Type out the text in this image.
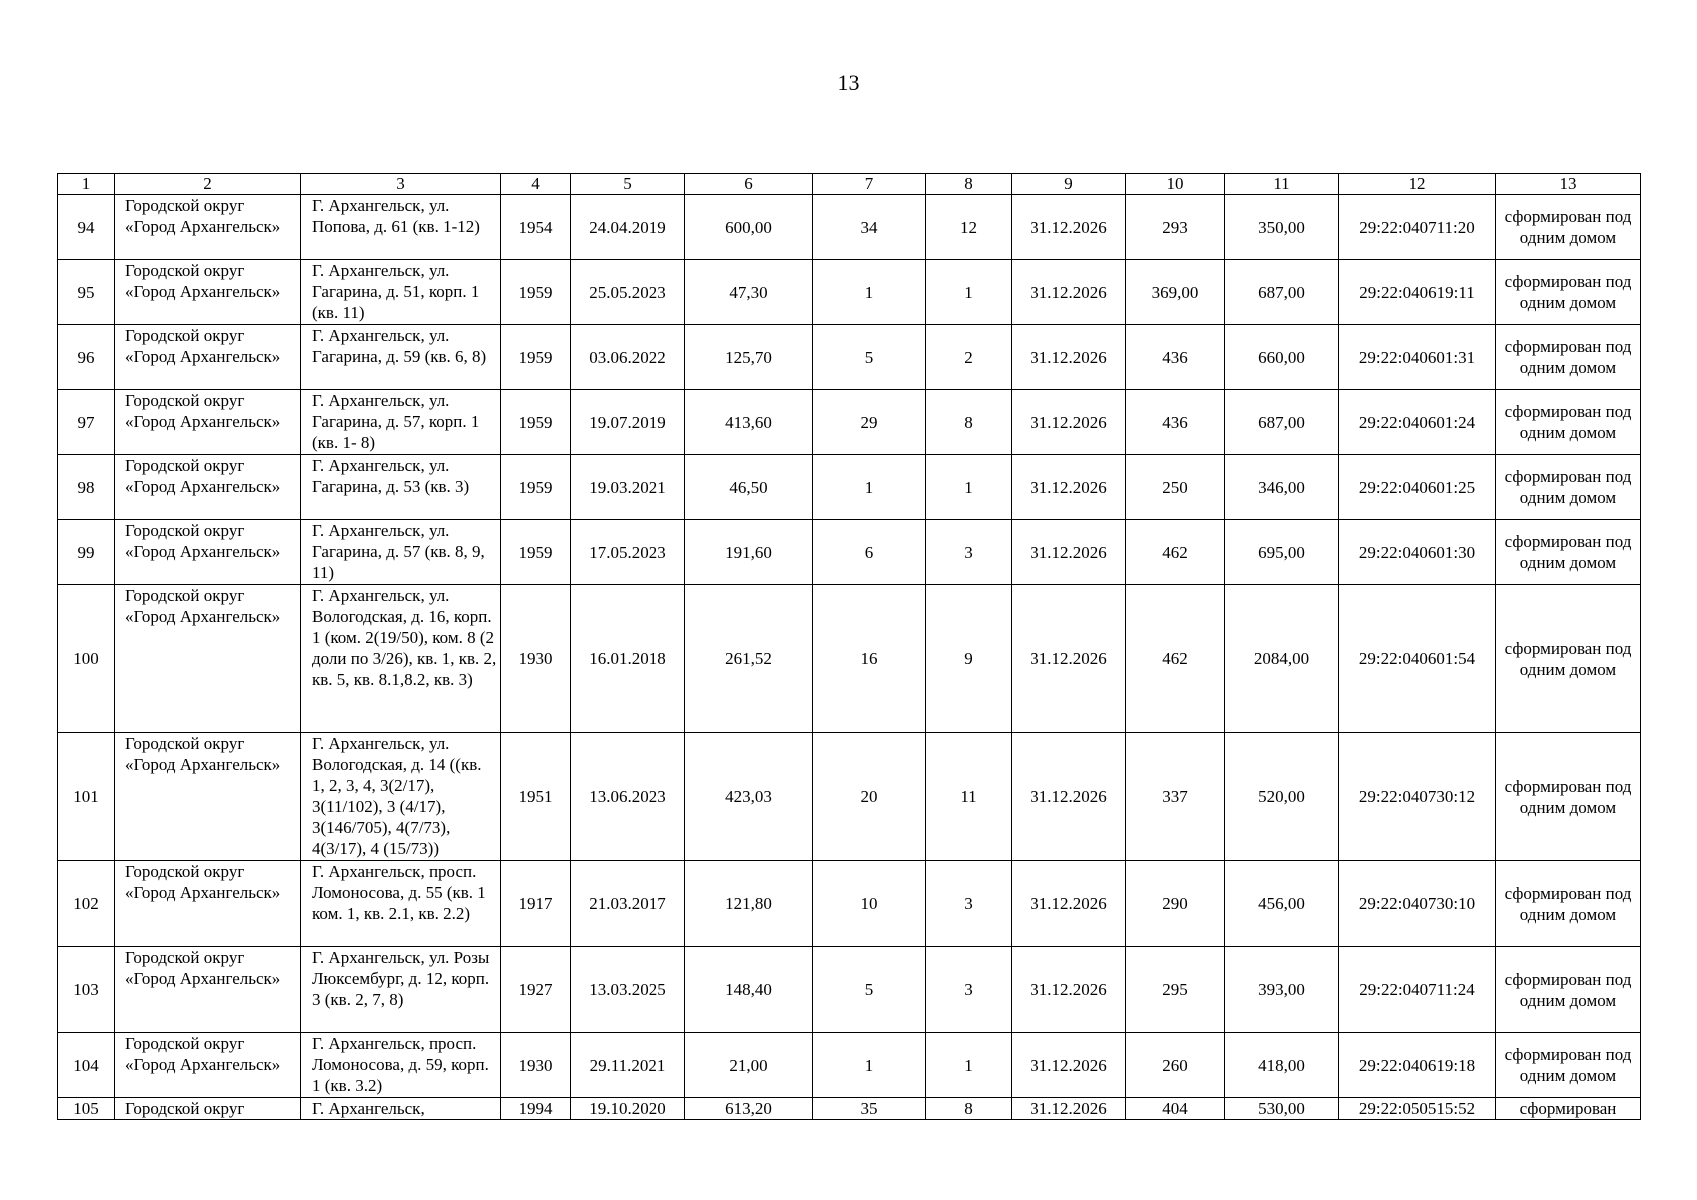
13
1	2	3	4	5	6	7	8	9	10	11	12	13
94	Городской округ «Город Архангельск»	Г. Архангельск, ул. Попова, д. 61 (кв. 1-12)	1954	24.04.2019	600,00	34	12	31.12.2026	293	350,00	29:22:040711:20	сформирован под одним домом
95	Городской округ «Город Архангельск»	Г. Архангельск, ул. Гагарина, д. 51, корп. 1 (кв. 11)	1959	25.05.2023	47,30	1	1	31.12.2026	369,00	687,00	29:22:040619:11	сформирован под одним домом
96	Городской округ «Город Архангельск»	Г. Архангельск, ул. Гагарина, д. 59 (кв. 6, 8)	1959	03.06.2022	125,70	5	2	31.12.2026	436	660,00	29:22:040601:31	сформирован под одним домом
97	Городской округ «Город Архангельск»	Г. Архангельск, ул. Гагарина, д. 57, корп. 1 (кв. 1- 8)	1959	19.07.2019	413,60	29	8	31.12.2026	436	687,00	29:22:040601:24	сформирован под одним домом
98	Городской округ «Город Архангельск»	Г. Архангельск, ул. Гагарина, д. 53 (кв. 3)	1959	19.03.2021	46,50	1	1	31.12.2026	250	346,00	29:22:040601:25	сформирован под одним домом
99	Городской округ «Город Архангельск»	Г. Архангельск, ул. Гагарина, д. 57 (кв. 8, 9, 11)	1959	17.05.2023	191,60	6	3	31.12.2026	462	695,00	29:22:040601:30	сформирован под одним домом
100	Городской округ «Город Архангельск»	Г. Архангельск, ул. Вологодская, д. 16, корп. 1 (ком. 2(19/50), ком. 8 (2 доли по 3/26), кв. 1, кв. 2, кв. 5, кв. 8.1,8.2, кв. 3)	1930	16.01.2018	261,52	16	9	31.12.2026	462	2084,00	29:22:040601:54	сформирован под одним домом
101	Городской округ «Город Архангельск»	Г. Архангельск, ул. Вологодская, д. 14 ((кв. 1, 2, 3, 4, 3(2/17), 3(11/102), 3 (4/17), 3(146/705), 4(7/73), 4(3/17), 4 (15/73))	1951	13.06.2023	423,03	20	11	31.12.2026	337	520,00	29:22:040730:12	сформирован под одним домом
102	Городской округ «Город Архангельск»	Г. Архангельск, просп. Ломоносова, д. 55 (кв. 1 ком. 1, кв. 2.1, кв. 2.2)	1917	21.03.2017	121,80	10	3	31.12.2026	290	456,00	29:22:040730:10	сформирован под одним домом
103	Городской округ «Город Архангельск»	Г. Архангельск, ул. Розы Люксембург, д. 12, корп. 3 (кв. 2, 7, 8)	1927	13.03.2025	148,40	5	3	31.12.2026	295	393,00	29:22:040711:24	сформирован под одним домом
104	Городской округ «Город Архангельск»	Г. Архангельск, просп. Ломоносова, д. 59, корп. 1 (кв. 3.2)	1930	29.11.2021	21,00	1	1	31.12.2026	260	418,00	29:22:040619:18	сформирован под одним домом
105	Городской округ	Г. Архангельск,	1994	19.10.2020	613,20	35	8	31.12.2026	404	530,00	29:22:050515:52	сформирован
